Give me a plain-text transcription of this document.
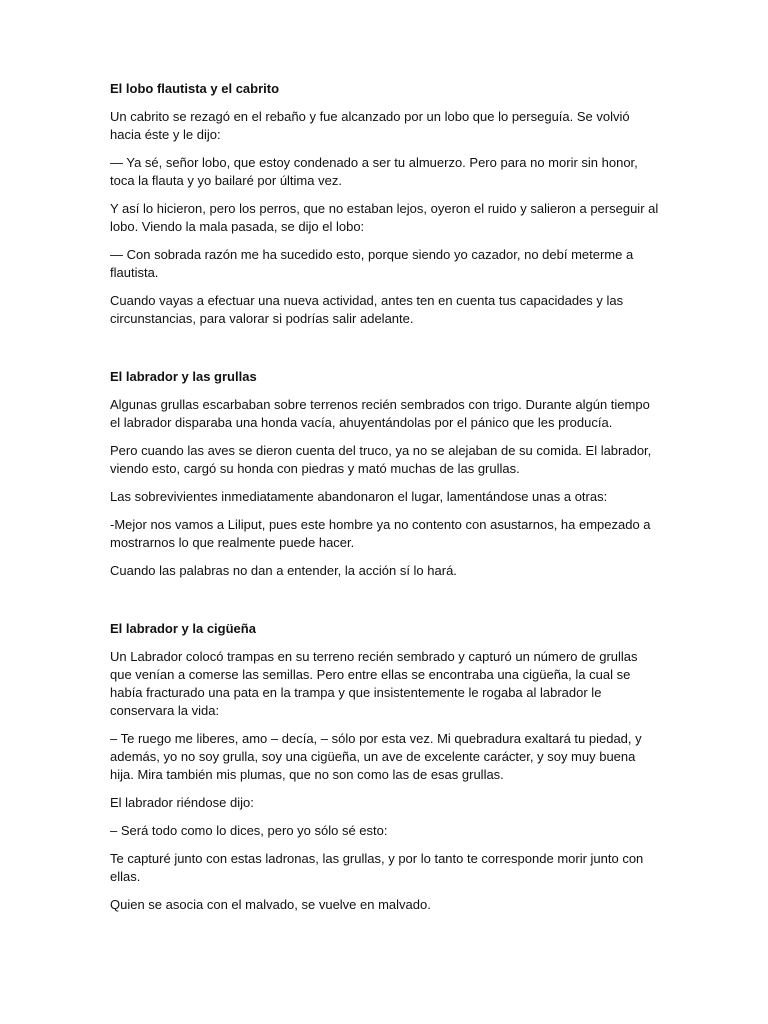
El lobo flautista y el cabrito

Un cabrito se rezagó en el rebaño y fue alcanzado por un lobo que lo perseguía. Se volvió hacia éste y le dijo:

— Ya sé, señor lobo, que estoy condenado a ser tu almuerzo. Pero para no morir sin honor, toca la flauta y yo bailaré por última vez.

Y así lo hicieron, pero los perros, que no estaban lejos, oyeron el ruido y salieron a perseguir al lobo. Viendo la mala pasada, se dijo el lobo:

— Con sobrada razón me ha sucedido esto, porque siendo yo cazador, no debí meterme a flautista.

Cuando vayas a efectuar una nueva actividad, antes ten en cuenta tus capacidades y las circunstancias, para valorar si podrías salir adelante.

El labrador y las grullas

Algunas grullas escarbaban sobre terrenos recién sembrados con trigo. Durante algún tiempo el labrador disparaba una honda vacía, ahuyentándolas por el pánico que les producía.

Pero cuando las aves se dieron cuenta del truco, ya no se alejaban de su comida. El labrador, viendo esto, cargó su honda con piedras y mató muchas de las grullas.

Las sobrevivientes inmediatamente abandonaron el lugar, lamentándose unas a otras:

-Mejor nos vamos a Liliput, pues este hombre ya no contento con asustarnos, ha empezado a mostrarnos lo que realmente puede hacer.

Cuando las palabras no dan a entender, la acción sí lo hará.

El labrador y la cigüeña

Un Labrador colocó trampas en su terreno recién sembrado y capturó un número de grullas que venían a comerse las semillas. Pero entre ellas se encontraba una cigüeña, la cual se había fracturado una pata en la trampa y que insistentemente le rogaba al labrador le conservara la vida:

– Te ruego me liberes, amo – decía, – sólo por esta vez. Mi quebradura exaltará tu piedad, y además, yo no soy grulla, soy una cigüeña, un ave de excelente carácter, y soy muy buena hija. Mira también mis plumas, que no son como las de esas grullas.

El labrador riéndose dijo:

– Será todo como lo dices, pero yo sólo sé esto:

Te capturé junto con estas ladronas, las grullas, y por lo tanto te corresponde morir junto con ellas.

Quien se asocia con el malvado, se vuelve en malvado.
